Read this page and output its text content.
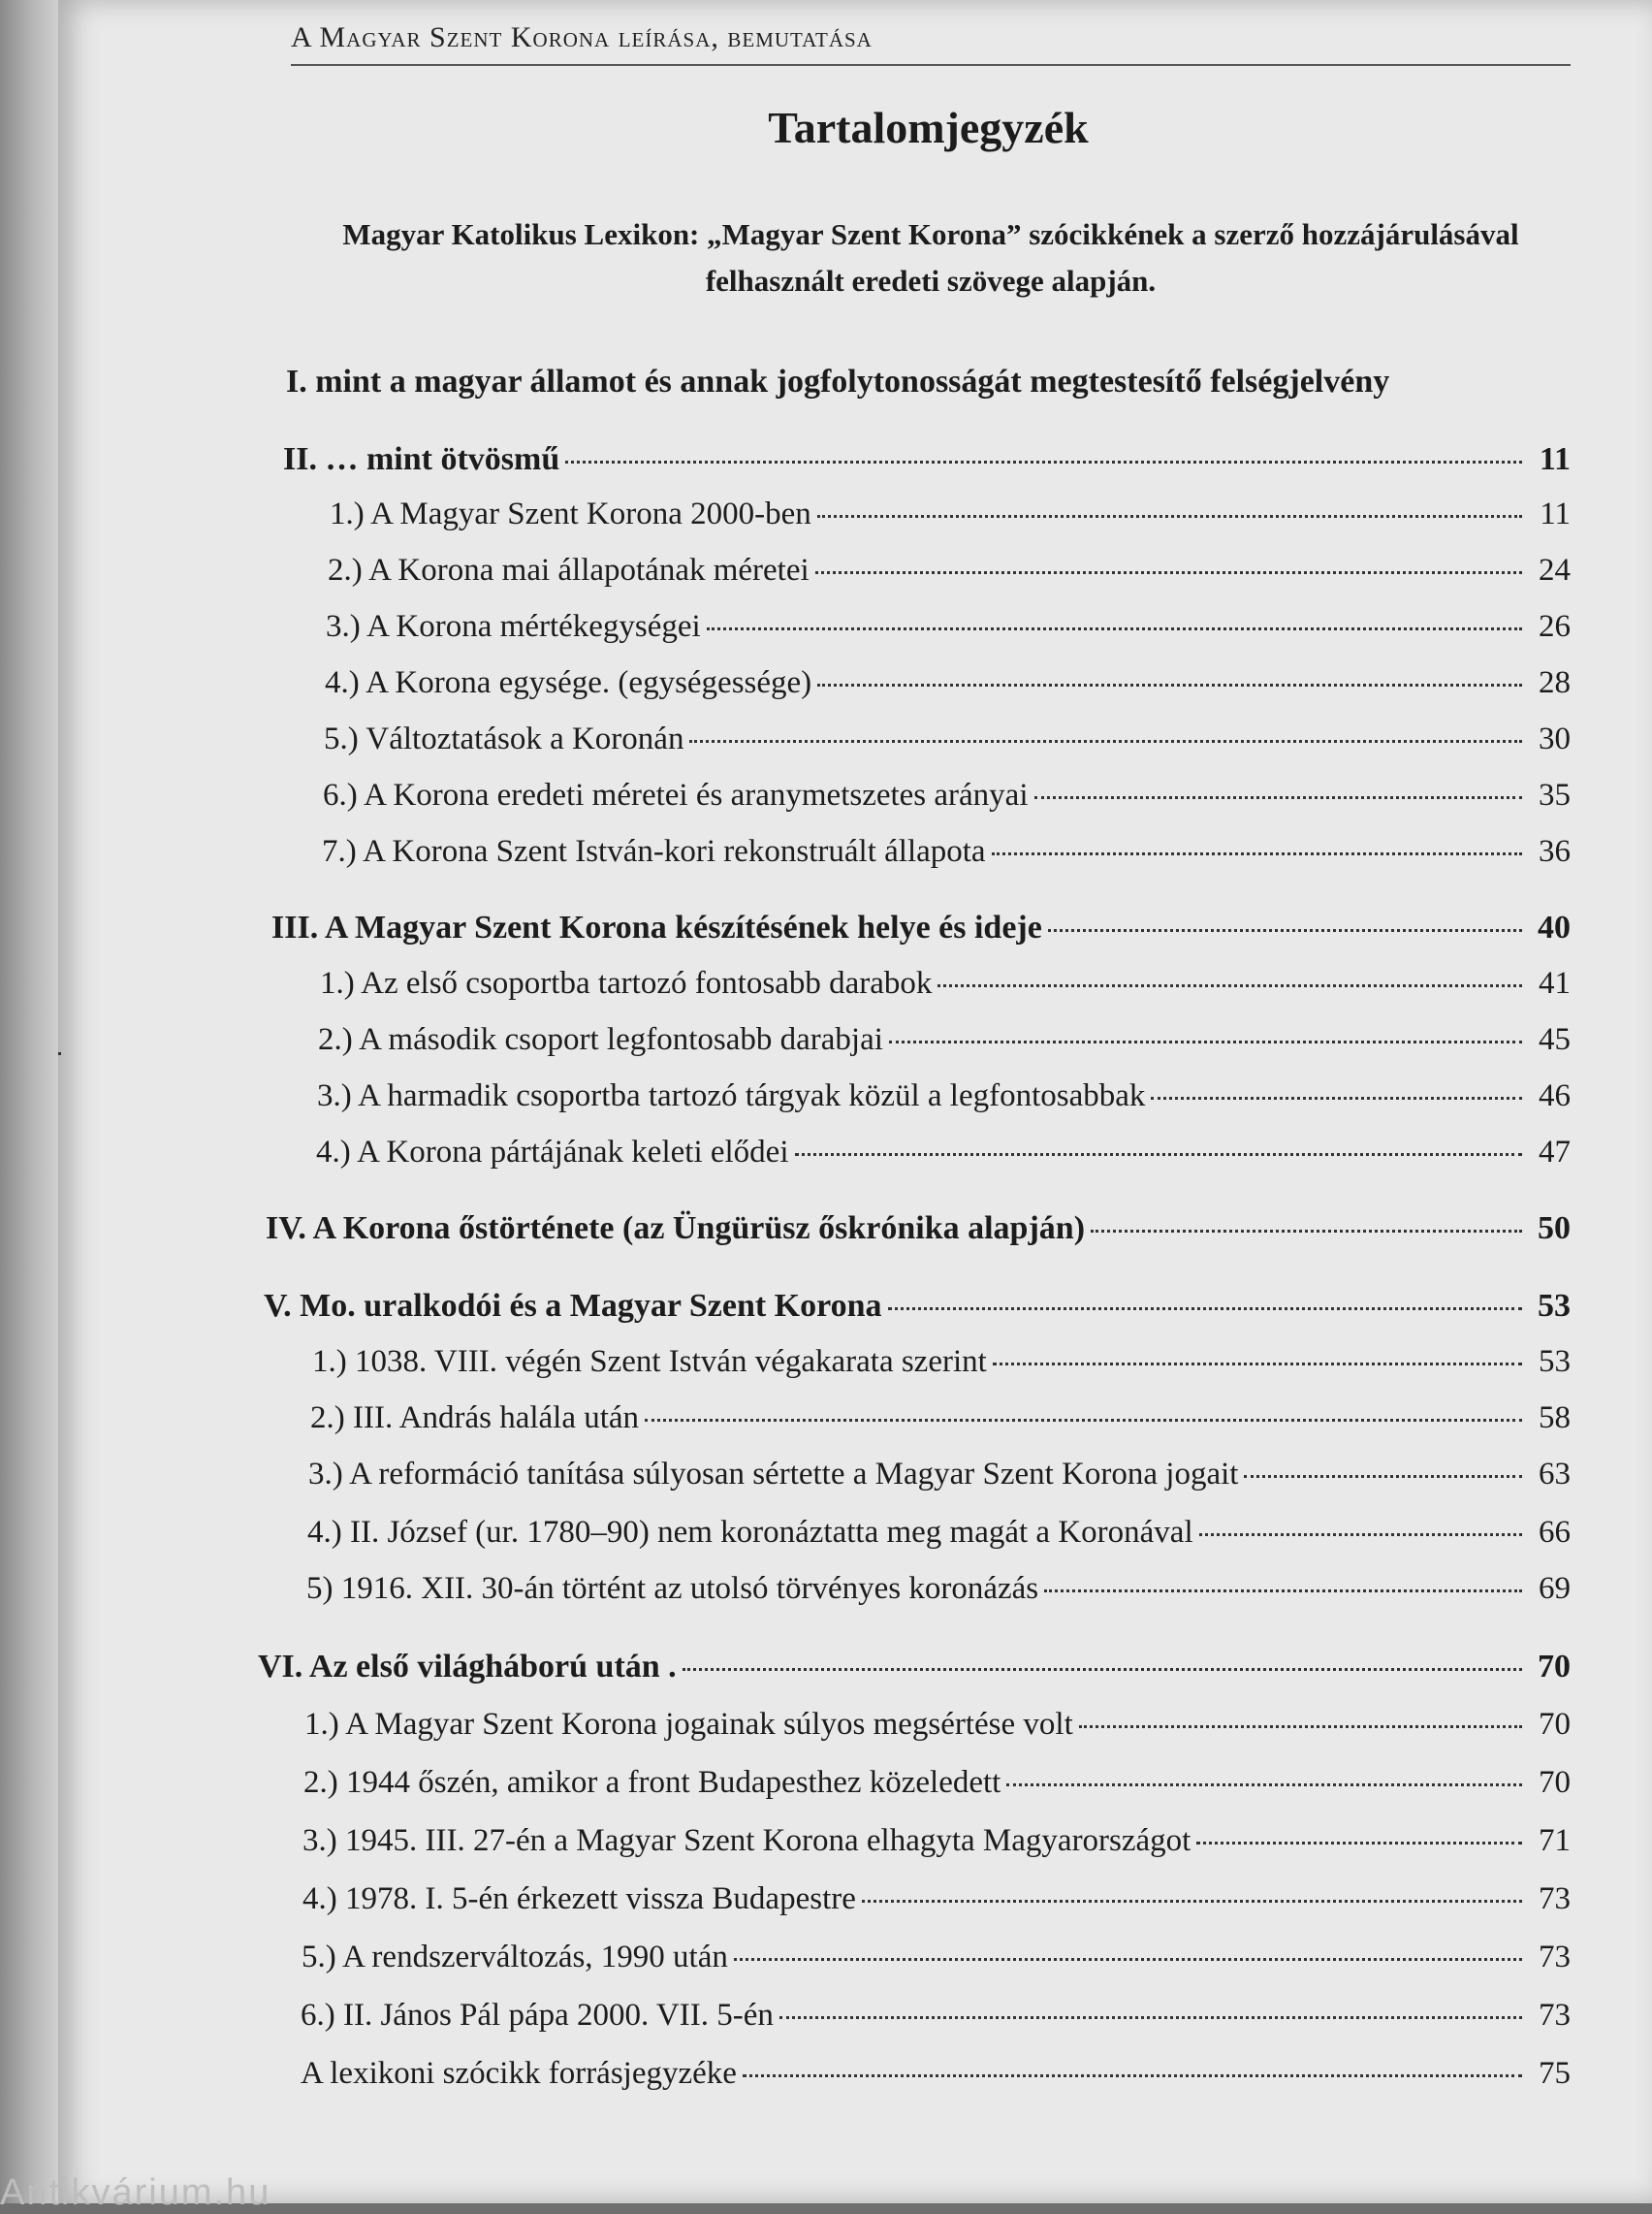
A Magyar Szent Korona leírása, bemutatása
Tartalomjegyzék
Magyar Katolikus Lexikon: „Magyar Szent Korona” szócikkének a szerző hozzájárulásával felhasznált eredeti szövege alapján.
I. mint a magyar államot és annak jogfolytonosságát megtestesítő felségjelvény
II. … mint ötvösmű	11
1.) A Magyar Szent Korona 2000-ben	11
2.) A Korona mai állapotának méretei	24
3.) A Korona mértékegységei	26
4.) A Korona egysége. (egységessége)	28
5.) Változtatások a Koronán	30
6.) A Korona eredeti méretei és aranymetszetes arányai	35
7.) A Korona Szent István-kori rekonstruált állapota	36
III. A Magyar Szent Korona készítésének helye és ideje	40
1.) Az első csoportba tartozó fontosabb darabok	41
2.) A második csoport legfontosabb darabjai	45
3.) A harmadik csoportba tartozó tárgyak közül a legfontosabbak	46
4.) A Korona pártájának keleti elődei	47
IV. A Korona őstörténete (az Üngürüsz őskrónika alapján)	50
V. Mo. uralkodói és a Magyar Szent Korona	53
1.) 1038. VIII. végén Szent István végakarata szerint	53
2.) III. András halála után	58
3.) A reformáció tanítása súlyosan sértette a Magyar Szent Korona jogait	63
4.) II. József (ur. 1780–90) nem koronáztatta meg magát a Koronával	66
5) 1916. XII. 30-án történt az utolsó törvényes koronázás	69
VI. Az első világháború után .	70
1.) A Magyar Szent Korona jogainak súlyos megsértése volt	70
2.) 1944 őszén, amikor a front Budapesthez közeledett	70
3.) 1945. III. 27-én a Magyar Szent Korona elhagyta Magyarországot	71
4.) 1978. I. 5-én érkezett vissza Budapestre	73
5.) A rendszerváltozás, 1990 után	73
6.) II. János Pál pápa 2000. VII. 5-én	73
A lexikoni szócikk forrásjegyzéke	75
Antikvárium.hu
